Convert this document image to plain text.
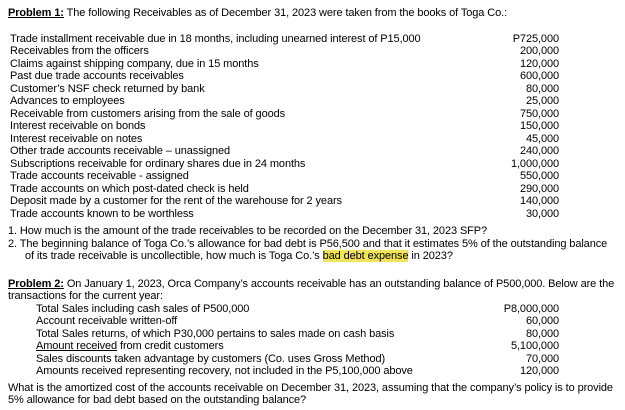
Problem 1: The following Receivables as of December 31, 2023 were taken from the books of Toga Co.:
Trade installment receivable due in 18 months, including unearned interest of P15,000	P725,000
Receivables from the officers	200,000
Claims against shipping company, due in 15 months	120,000
Past due trade accounts receivables	600,000
Customer’s NSF check returned by bank	80,000
Advances to employees	25,000
Receivable from customers arising from the sale of goods	750,000
Interest receivable on bonds	150,000
Interest receivable on notes	45,000
Other trade accounts receivable – unassigned	240,000
Subscriptions receivable for ordinary shares due in 24 months	1,000,000
Trade accounts receivable - assigned	550,000
Trade accounts on which post-dated check is held	290,000
Deposit made by a customer for the rent of the warehouse for 2 years	140,000
Trade accounts known to be worthless	30,000
1. How much is the amount of the trade receivables to be recorded on the December 31, 2023 SFP?
2. The beginning balance of Toga Co.’s allowance for bad debt is P56,500 and that it estimates 5% of the outstanding balance of its trade receivable is uncollectible, how much is Toga Co.’s bad debt expense in 2023?
Problem 2: On January 1, 2023, Orca Company’s accounts receivable has an outstanding balance of P500,000. Below are the transactions for the current year:
Total Sales including cash sales of P500,000	P8,000,000
Account receivable written-off	60,000
Total Sales returns, of which P30,000 pertains to sales made on cash basis	80,000
Amount received from credit customers	5,100,000
Sales discounts taken advantage by customers (Co. uses Gross Method)	70,000
Amounts received representing recovery, not included in the P5,100,000 above	120,000
What is the amortized cost of the accounts receivable on December 31, 2023, assuming that the company’s policy is to provide 5% allowance for bad debt based on the outstanding balance?
